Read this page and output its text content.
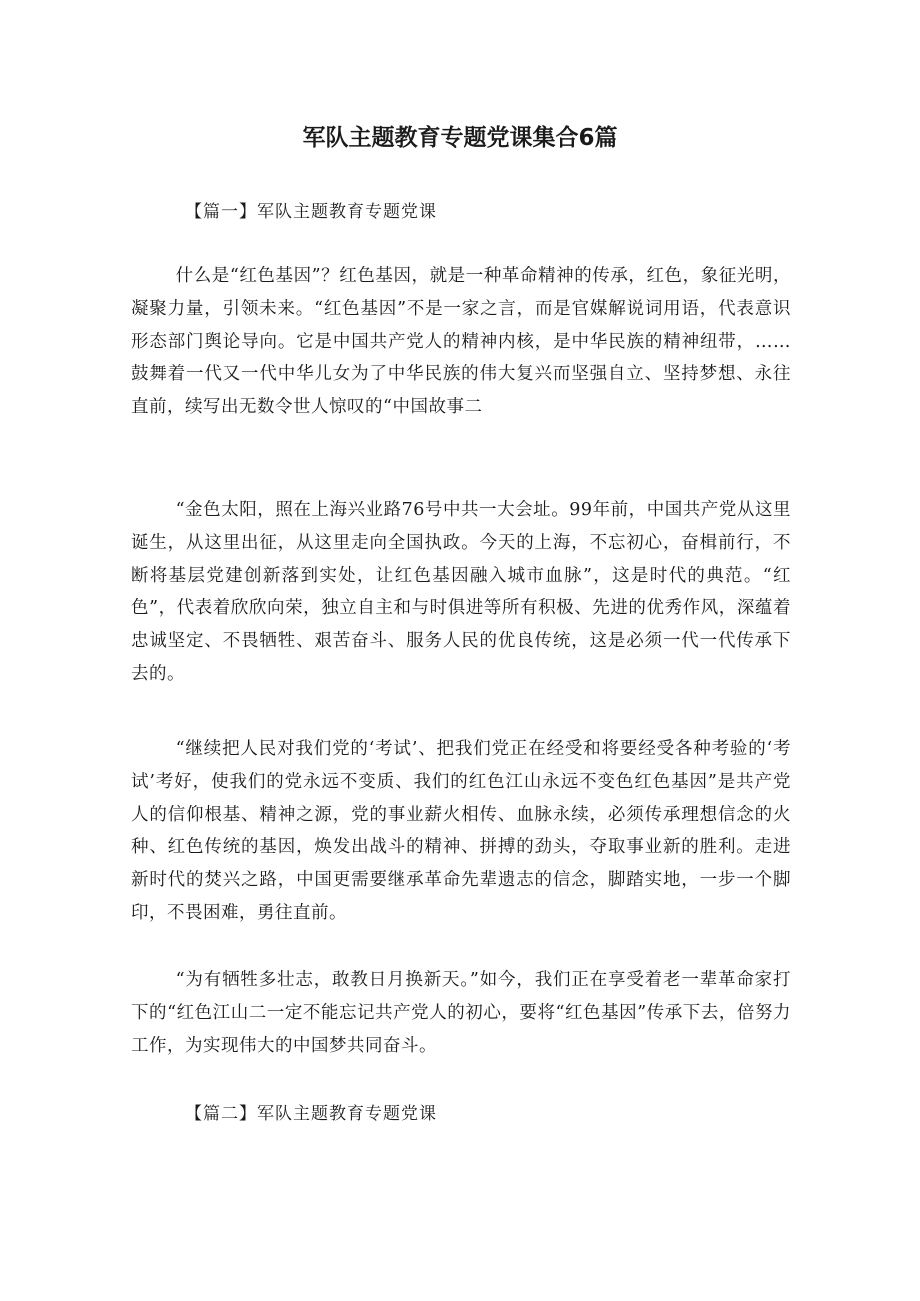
军队主题教育专题党课集合6篇

【篇一】军队主题教育专题党课

什么是“红色基因”？红色基因，就是一种革命精神的传承，红色，象征光明，凝聚力量，引领未来。“红色基因”不是一家之言，而是官媒解说词用语，代表意识形态部门舆论导向。它是中国共产党人的精神内核，是中华民族的精神纽带，……鼓舞着一代又一代中华儿女为了中华民族的伟大复兴而坚强自立、坚持梦想、永往直前，续写出无数令世人惊叹的“中国故事二

“金色太阳，照在上海兴业路76号中共一大会址。99年前，中国共产党从这里诞生，从这里出征，从这里走向全国执政。今天的上海，不忘初心，奋楫前行，不断将基层党建创新落到实处，让红色基因融入城市血脉”，这是时代的典范。“红色”，代表着欣欣向荣，独立自主和与时俱进等所有积极、先进的优秀作风，深蕴着忠诚坚定、不畏牺牲、艰苦奋斗、服务人民的优良传统，这是必须一代一代传承下去的。

“继续把人民对我们党的‘考试’、把我们党正在经受和将要经受各种考验的‘考试’考好，使我们的党永远不变质、我们的红色江山永远不变色红色基因”是共产党人的信仰根基、精神之源，党的事业薪火相传、血脉永续，必须传承理想信念的火种、红色传统的基因，焕发出战斗的精神、拼搏的劲头，夺取事业新的胜利。走进新时代的焚兴之路，中国更需要继承革命先辈遗志的信念，脚踏实地，一步一个脚印，不畏困难，勇往直前。

“为有牺牲多壮志，敢教日月换新天。”如今，我们正在享受着老一辈革命家打下的“红色江山二一定不能忘记共产党人的初心，要将“红色基因”传承下去，倍努力工作，为实现伟大的中国梦共同奋斗。

【篇二】军队主题教育专题党课
